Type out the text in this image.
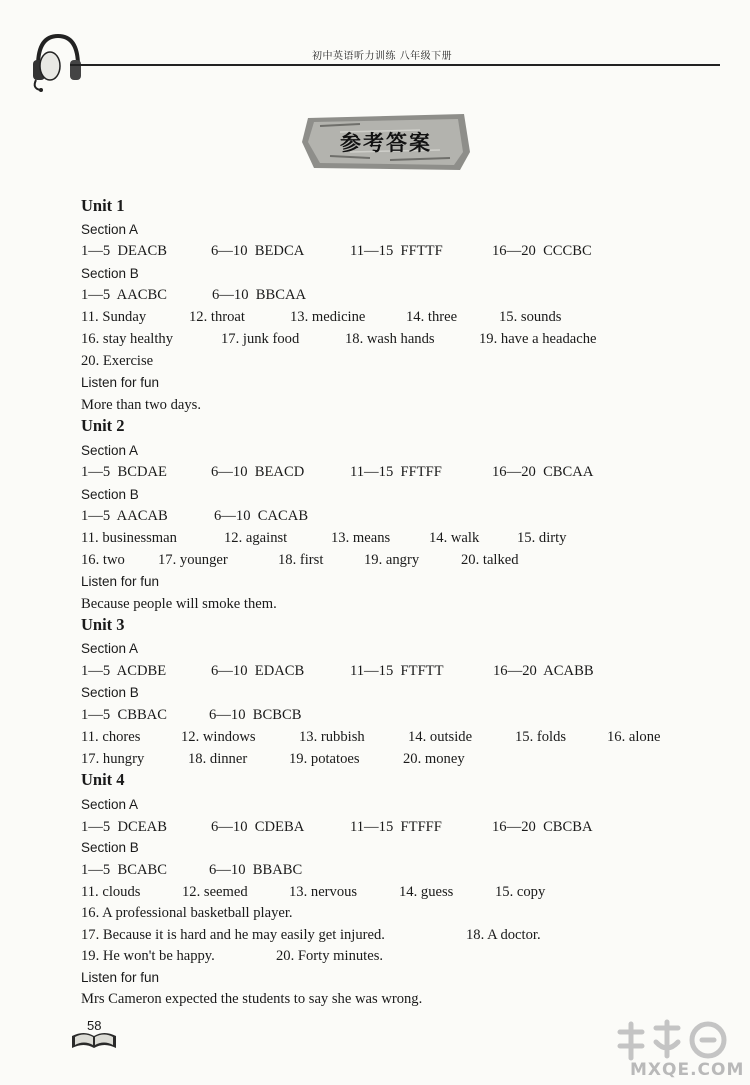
初中英语听力训练 八年级下册
参考答案
Unit 1
Section A

1—5  DEACB

	6—10  BEDCA

	11—15  FFTTF

	16—20  CCCBC

Section B

1—5  AACBC

	6—10  BBCAA

11. Sunday

	12. throat

	13. medicine

	14. three

	15. sounds

16. stay healthy

	17. junk food

	18. wash hands

	19. have a headache

20. Exercise
Listen for fun
More than two days.
Unit 2
Section A

1—5  BCDAE

	6—10  BEACD

	11—15  FFTFF

	16—20  CBCAA

Section B

1—5  AACAB

	6—10  CACAB

11. businessman

	12. against

	13. means

	14. walk

	15. dirty

16. two

17. younger

	18. first

	19. angry

	20. talked

Listen for fun
Because people will smoke them.
Unit 3
Section A

1—5  ACDBE

	6—10  EDACB

	11—15  FTFTT

	16—20  ACABB

Section B

1—5  CBBAC

	6—10  BCBCB

11. chores

	12. windows

	13. rubbish

	14. outside

	15. folds

	16. alone

17. hungry

	18. dinner

	19. potatoes

	20. money

Unit 4
Section A

1—5  DCEAB

	6—10  CDEBA

	11—15  FTFFF

	16—20  CBCBA

Section B

1—5  BCABC

	6—10  BBABC

11. clouds

	12. seemed

	13. nervous

	14. guess

	15. copy

16. A professional basketball player.

17. Because it is hard and he may easily get injured.

	18. A doctor.

19. He won't be happy.

	20. Forty minutes.

Listen for fun
Mrs Cameron expected the students to say she was wrong.
58
MXQE.COM
